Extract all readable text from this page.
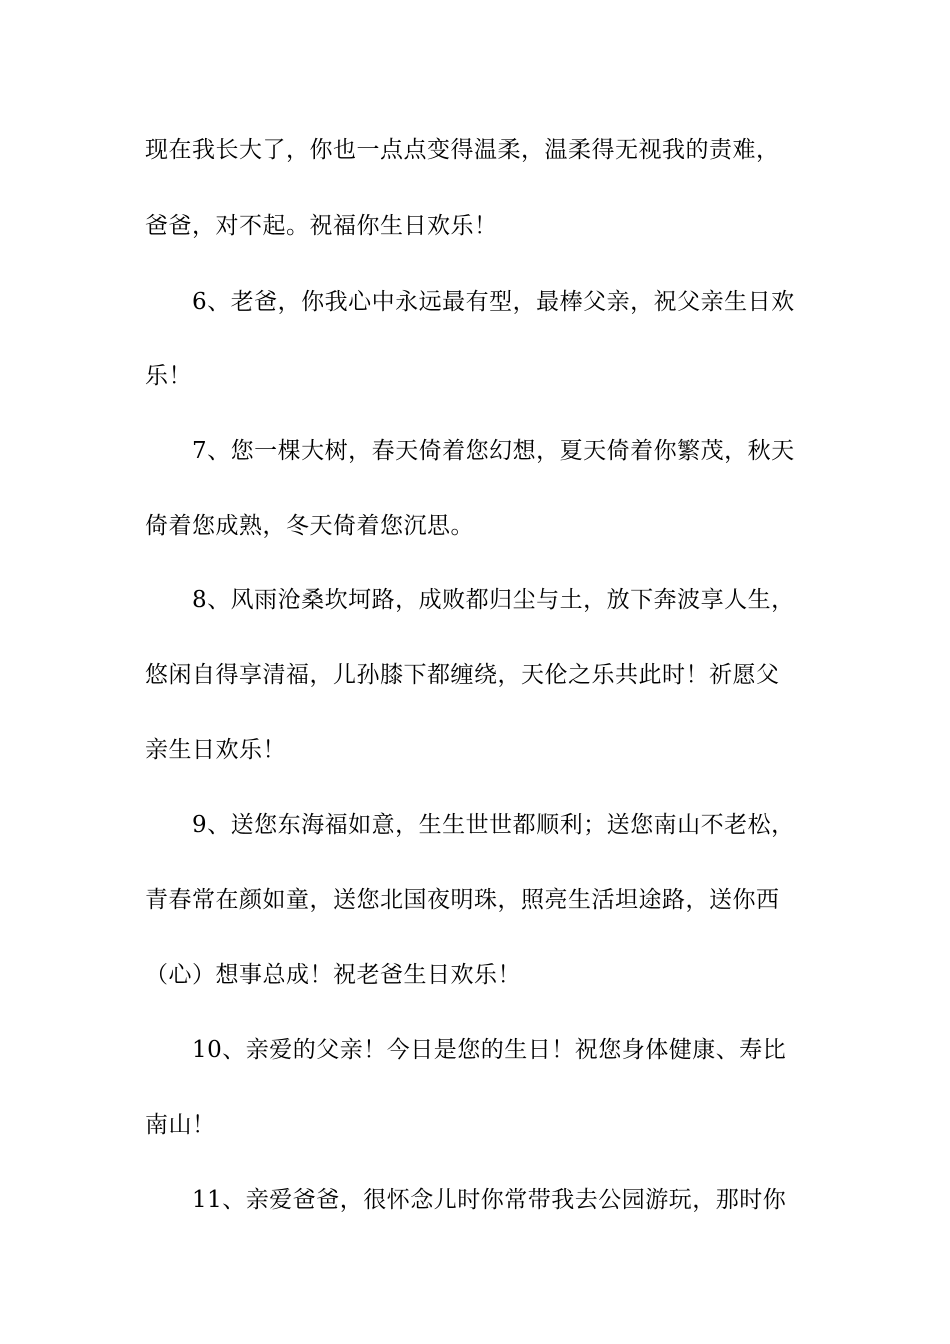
现在我长大了，你也一点点变得温柔，温柔得无视我的责难，
爸爸，对不起。祝福你生日欢乐！
6、老爸，你我心中永远最有型，最棒父亲，祝父亲生日欢
乐！
7、您一棵大树，春天倚着您幻想，夏天倚着你繁茂，秋天
倚着您成熟，冬天倚着您沉思。
8、风雨沧桑坎坷路，成败都归尘与土，放下奔波享人生，
悠闲自得享清福，儿孙膝下都缠绕，天伦之乐共此时！祈愿父
亲生日欢乐！
9、送您东海福如意，生生世世都顺利；送您南山不老松，
青春常在颜如童，送您北国夜明珠，照亮生活坦途路，送你西
（心）想事总成！祝老爸生日欢乐！
10、亲爱的父亲！今日是您的生日！祝您身体健康、寿比
南山！
11、亲爱爸爸，很怀念儿时你常带我去公园游玩，那时你
